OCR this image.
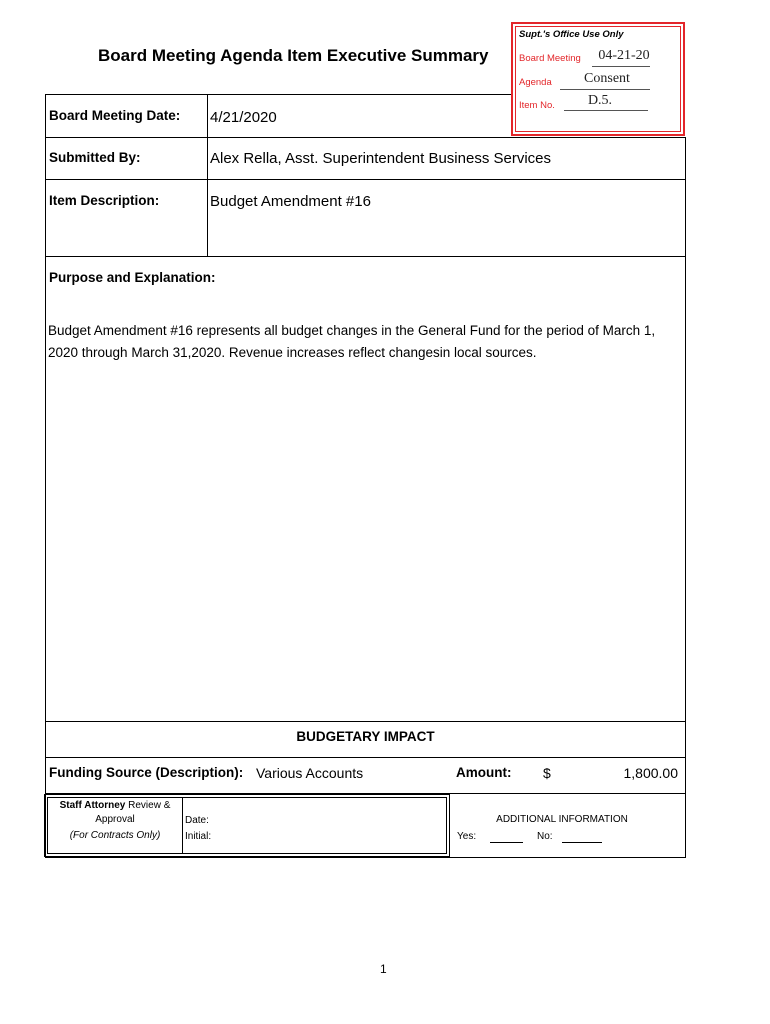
Board Meeting Agenda Item Executive Summary
Supt.'s Office Use Only
Board Meeting	04-21-20
Agenda	Consent
Item No.	D.5.
Board Meeting Date: 4/21/2020
Submitted By:	Alex Rella, Asst. Superintendent Business Services
Item Description:	Budget Amendment #16
Purpose and Explanation:
Budget Amendment #16 represents all budget changes in the General Fund for the period of March 1, 2020 through March 31,2020. Revenue increases reflect changesin local sources.
BUDGETARY IMPACT
Funding Source (Description): Various Accounts	Amount: $	1,800.00
Staff Attorney Review &
Approval
(For Contracts Only)
Date:
Initial:
ADDITIONAL INFORMATION
Yes:	No:
1
